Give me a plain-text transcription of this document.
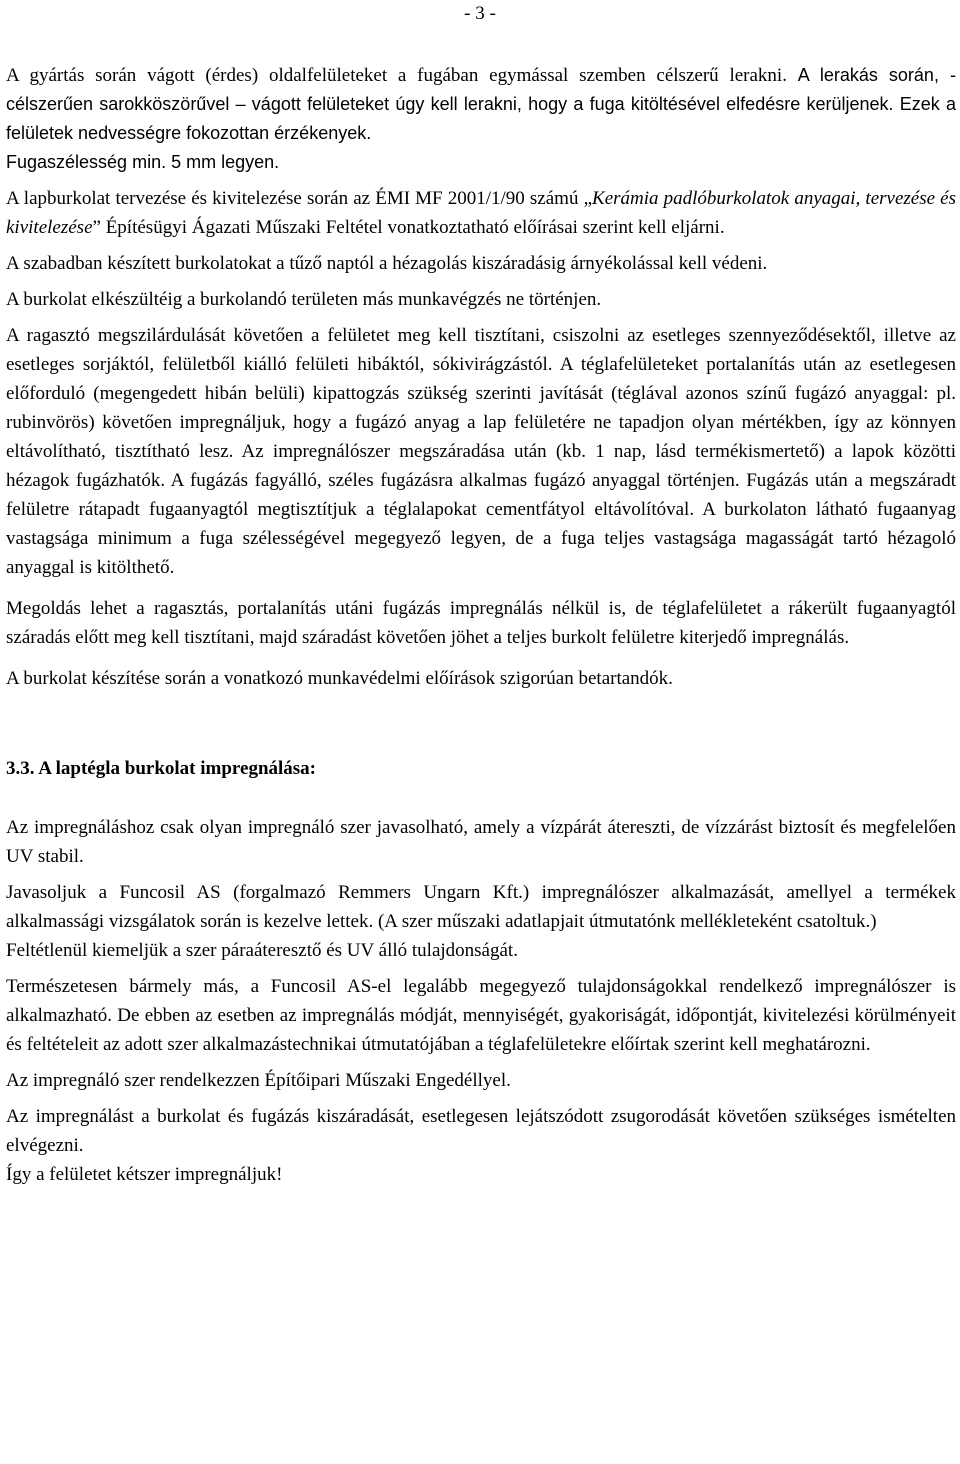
- 3 -

A gyártás során vágott (érdes) oldalfelületeket a fugában egymással szemben célszerű lerakni. A lerakás során, - célszerűen sarokköszörűvel – vágott felületeket úgy kell lerakni, hogy a fuga kitöltésével elfedésre kerüljenek. Ezek a felületek nedvességre fokozottan érzékenyek.
Fugaszélesség min. 5 mm legyen.

A lapburkolat tervezése és kivitelezése során az ÉMI MF 2001/1/90 számú „Kerámia padlóburkolatok anyagai, tervezése és kivitelezése” Építésügyi Ágazati Műszaki Feltétel vonatkoztatható előírásai szerint kell eljárni.

A szabadban készített burkolatokat a tűző naptól a hézagolás kiszáradásig árnyékolással kell védeni.

A burkolat elkészültéig a burkolandó területen más munkavégzés ne történjen.

A ragasztó megszilárdulását követően a felületet meg kell tisztítani, csiszolni az esetleges szennyeződésektől, illetve az esetleges sorjáktól, felületből kiálló felületi hibáktól, sókivirágzástól. A téglafelületeket portalanítás után az esetlegesen előforduló (megengedett hibán belüli) kipattogzás szükség szerinti javítását (téglával azonos színű fugázó anyaggal: pl. rubinvörös) követően impregnáljuk, hogy a fugázó anyag a lap felületére ne tapadjon olyan mértékben, így az könnyen eltávolítható, tisztítható lesz. Az impregnálószer megszáradása után (kb. 1 nap, lásd termékismertető) a lapok közötti hézagok fugázhatók. A fugázás fagyálló, széles fugázásra alkalmas fugázó anyaggal történjen. Fugázás után a megszáradt felületre rátapadt fugaanyagtól megtisztítjuk a téglalapokat cementfátyol eltávolítóval. A burkolaton látható fugaanyag vastagsága minimum a fuga szélességével megegyező legyen, de a fuga teljes vastagsága magasságát tartó hézagoló anyaggal is kitölthető.

Megoldás lehet a ragasztás, portalanítás utáni fugázás impregnálás nélkül is, de téglafelületet a rákerült fugaanyagtól száradás előtt meg kell tisztítani, majd száradást követően jöhet a teljes burkolt felületre kiterjedő impregnálás.

A burkolat készítése során a vonatkozó munkavédelmi előírások szigorúan betartandók.

3.3. A laptégla burkolat impregnálása:

Az impregnáláshoz csak olyan impregnáló szer javasolható, amely a vízpárát átereszti, de vízzárást biztosít és megfelelően UV stabil.

Javasoljuk a Funcosil AS (forgalmazó Remmers Ungarn Kft.) impregnálószer alkalmazását, amellyel a termékek alkalmassági vizsgálatok során is kezelve lettek. (A szer műszaki adatlapjait útmutatónk mellékleteként csatoltuk.)

Feltétlenül kiemeljük a szer páraáteresztő és UV álló tulajdonságát.

Természetesen bármely más, a Funcosil AS-el legalább megegyező tulajdonságokkal rendelkező impregnálószer is alkalmazható. De ebben az esetben az impregnálás módját, mennyiségét, gyakoriságát, időpontját, kivitelezési körülményeit és feltételeit az adott szer alkalmazástechnikai útmutatójában a téglafelületekre előírtak szerint kell meghatározni.

Az impregnáló szer rendelkezzen Építőipari Műszaki Engedéllyel.

Az impregnálást a burkolat és fugázás kiszáradását, esetlegesen lejátszódott zsugorodását követően szükséges ismételten elvégezni.

Így a felületet kétszer impregnáljuk!
